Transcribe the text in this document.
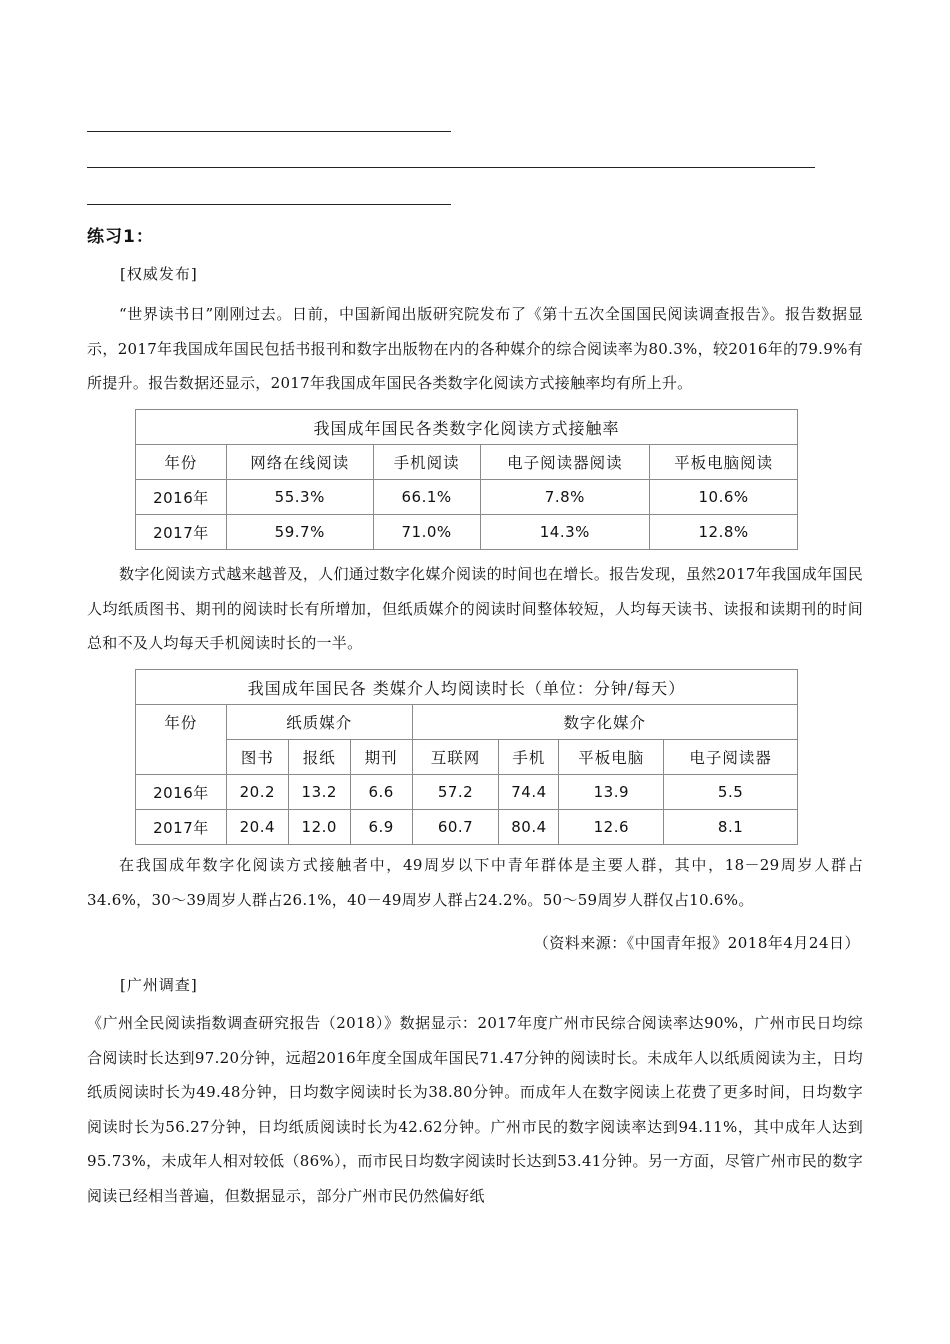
练习1：
[权威发布]
“世界读书日”刚刚过去。日前，中国新闻出版研究院发布了《第十五次全国国民阅读调查报告》。报告数据显示，2017年我国成年国民包括书报刊和数字出版物在内的各种媒介的综合阅读率为80.3%，较2016年的79.9%有所提升。报告数据还显示，2017年我国成年国民各类数字化阅读方式接触率均有所上升。
我国成年国民各类数字化阅读方式接触率				
年份	网络在线阅读	手机阅读	电子阅读器阅读	平板电脑阅读
2016年	55.3%	66.1%	7.8%	10.6%
2017年	59.7%	71.0%	14.3%	12.8%
数字化阅读方式越来越普及，人们通过数字化媒介阅读的时间也在增长。报告发现，虽然2017年我国成年国民人均纸质图书、期刊的阅读时长有所增加，但纸质媒介的阅读时间整体较短，人均每天读书、读报和读期刊的时间总和不及人均每天手机阅读时长的一半。
我国成年国民各 类媒介人均阅读时长（单位：分钟/每天）							
年份	纸质媒介			数字化媒介			
	图书	报纸	期刊	互联网	手机	平板电脑	电子阅读器
2016年	20.2	13.2	6.6	57.2	74.4	13.9	5.5
2017年	20.4	12.0	6.9	60.7	80.4	12.6	8.1
在我国成年数字化阅读方式接触者中，49周岁以下中青年群体是主要人群，其中，18－29周岁人群占34.6%，30～39周岁人群占26.1%，40－49周岁人群占24.2%。50～59周岁人群仅占10.6%。
（资料来源：《中国青年报》2018年4月24日）
[广州调查]
《广州全民阅读指数调查研究报告（2018）》数据显示：2017年度广州市民综合阅读率达90%，广州市民日均综合阅读时长达到97.20分钟，远超2016年度全国成年国民71.47分钟的阅读时长。未成年人以纸质阅读为主，日均纸质阅读时长为49.48分钟，日均数字阅读时长为38.80分钟。而成年人在数字阅读上花费了更多时间，日均数字阅读时长为56.27分钟，日均纸质阅读时长为42.62分钟。广州市民的数字阅读率达到94.11%，其中成年人达到95.73%，未成年人相对较低（86%），而市民日均数字阅读时长达到53.41分钟。另一方面，尽管广州市民的数字阅读已经相当普遍，但数据显示，部分广州市民仍然偏好纸
